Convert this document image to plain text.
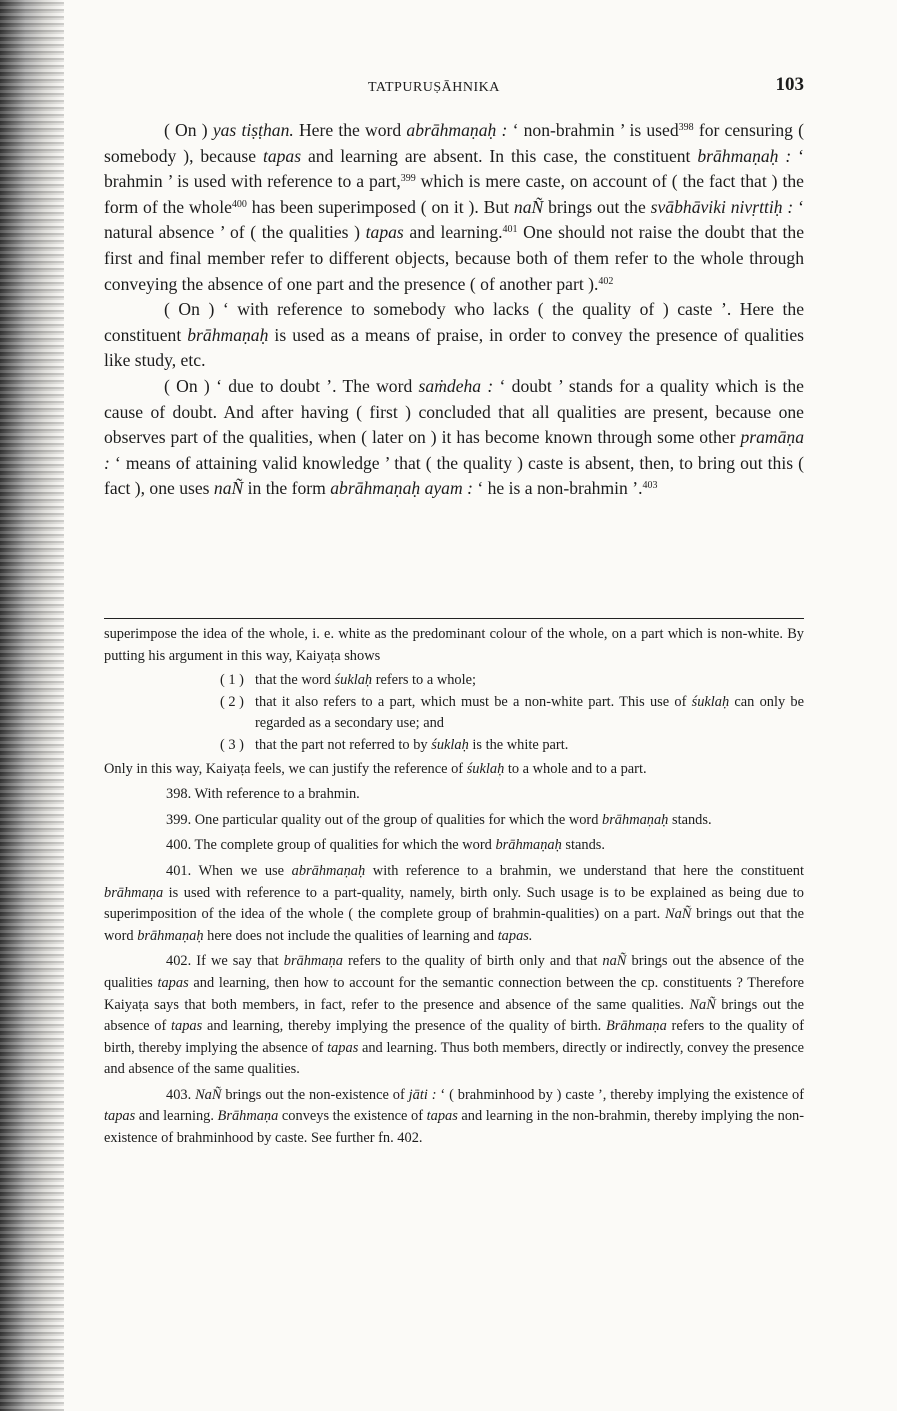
TATPURUṢĀHNIKA	103

( On ) yas tiṣṭhan. Here the word abrāhmaṇaḥ : ‘ non-brahmin ’ is used$^{398}$ for censuring ( somebody ), because tapas and learning are absent. In this case, the constituent brāhmaṇaḥ : ‘ brahmin ’ is used with reference to a part,$^{399}$ which is mere caste, on account of ( the fact that ) the form of the whole$^{400}$ has been superimposed ( on it ). But naÑ brings out the svābhāviki nivṛttiḥ : ‘ natural absence ’ of ( the qualities ) tapas and learning.$^{401}$ One should not raise the doubt that the first and final member refer to different objects, because both of them refer to the whole through conveying the absence of one part and the presence ( of another part ).$^{402}$

( On ) ‘ with reference to somebody who lacks ( the quality of ) caste ’. Here the constituent brāhmaṇaḥ is used as a means of praise, in order to convey the presence of qualities like study, etc.

( On ) ‘ due to doubt ’. The word saṁdeha : ‘ doubt ’ stands for a quality which is the cause of doubt. And after having ( first ) concluded that all qualities are present, because one observes part of the qualities, when ( later on ) it has become known through some other pramāṇa : ‘ means of attaining valid knowledge ’ that ( the quality ) caste is absent, then, to bring out this ( fact ), one uses naÑ in the form abrāhmaṇaḥ ayam : ‘ he is a non-brahmin ’.$^{403}$

superimpose the idea of the whole, i. e. white as the predominant colour of the whole, on a part which is non-white. By putting his argument in this way, Kaiyaṭa shows

( 1 ) that the word śuklaḥ refers to a whole;
( 2 ) that it also refers to a part, which must be a non-white part. This use of śuklaḥ can only be regarded as a secondary use; and
( 3 ) that the part not referred to by śuklaḥ is the white part.

Only in this way, Kaiyaṭa feels, we can justify the reference of śuklaḥ to a whole and to a part.

398. With reference to a brahmin.

399. One particular quality out of the group of qualities for which the word brāhmaṇaḥ stands.

400. The complete group of qualities for which the word brāhmaṇaḥ stands.

401. When we use abrāhmaṇaḥ with reference to a brahmin, we understand that here the constituent brāhmaṇa is used with reference to a part-quality, namely, birth only. Such usage is to be explained as being due to superimposition of the idea of the whole ( the complete group of brahmin-qualities) on a part. NaÑ brings out that the word brāhmaṇaḥ here does not include the qualities of learning and tapas.

402. If we say that brāhmaṇa refers to the quality of birth only and that naÑ brings out the absence of the qualities tapas and learning, then how to account for the semantic connection between the cp. constituents ? Therefore Kaiyaṭa says that both members, in fact, refer to the presence and absence of the same qualities. NaÑ brings out the absence of tapas and learning, thereby implying the presence of the quality of birth. Brāhmaṇa refers to the quality of birth, thereby implying the absence of tapas and learning. Thus both members, directly or indirectly, convey the presence and absence of the same qualities.

403. NaÑ brings out the non-existence of jāti : ‘ ( brahminhood by ) caste ’, thereby implying the existence of tapas and learning. Brāhmaṇa conveys the existence of tapas and learning in the non-brahmin, thereby implying the non-existence of brahminhood by caste. See further fn. 402.
